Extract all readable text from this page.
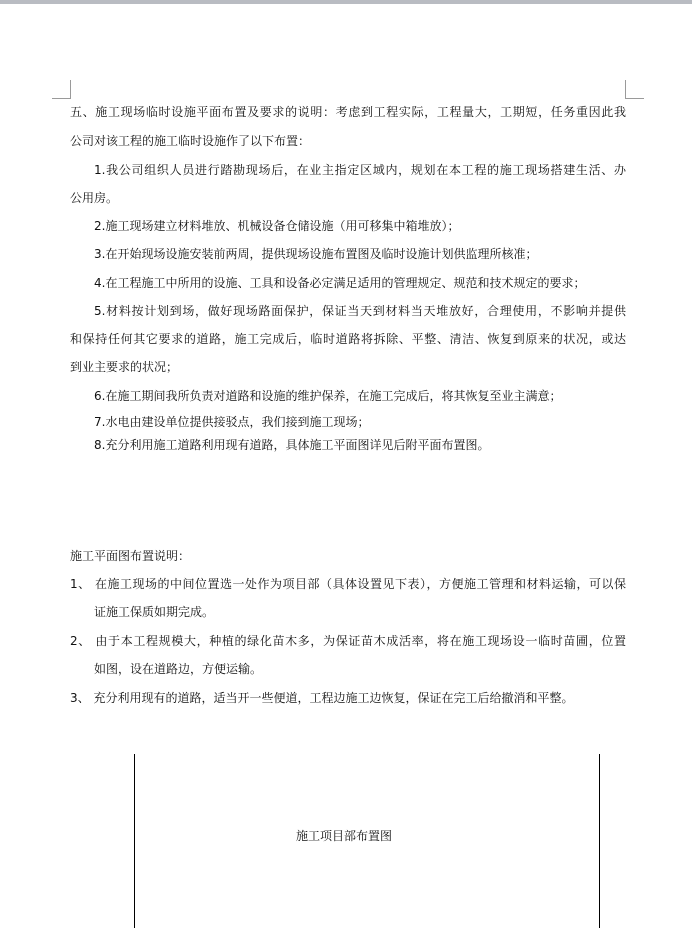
五、施工现场临时设施平面布置及要求的说明：考虑到工程实际，工程量大，工期短，任务重因此我
公司对该工程的施工临时设施作了以下布置：
1.我公司组织人员进行踏勘现场后，在业主指定区域内，规划在本工程的施工现场搭建生活、办
公用房。
2.施工现场建立材料堆放、机械设备仓储设施（用可移集中箱堆放）；
3.在开始现场设施安装前两周，提供现场设施布置图及临时设施计划供监理所核准；
4.在工程施工中所用的设施、工具和设备必定满足适用的管理规定、规范和技术规定的要求；
5.材料按计划到场，做好现场路面保护，保证当天到材料当天堆放好，合理使用，不影响并提供
和保持任何其它要求的道路，施工完成后，临时道路将拆除、平整、清洁、恢复到原来的状况，或达
到业主要求的状况；
6.在施工期间我所负责对道路和设施的维护保养，在施工完成后，将其恢复至业主满意；
7.水电由建设单位提供接驳点，我们接到施工现场；
8.充分利用施工道路利用现有道路，具体施工平面图详见后附平面布置图。
施工平面图布置说明：
1、 在施工现场的中间位置选一处作为项目部（具体设置见下表），方便施工管理和材料运输，可以保
证施工保质如期完成。
2、 由于本工程规模大，种植的绿化苗木多，为保证苗木成活率，将在施工现场设一临时苗圃，位置
如图，设在道路边，方便运输。
3、 充分利用现有的道路，适当开一些便道，工程边施工边恢复，保证在完工后给撤消和平整。
施工项目部布置图
